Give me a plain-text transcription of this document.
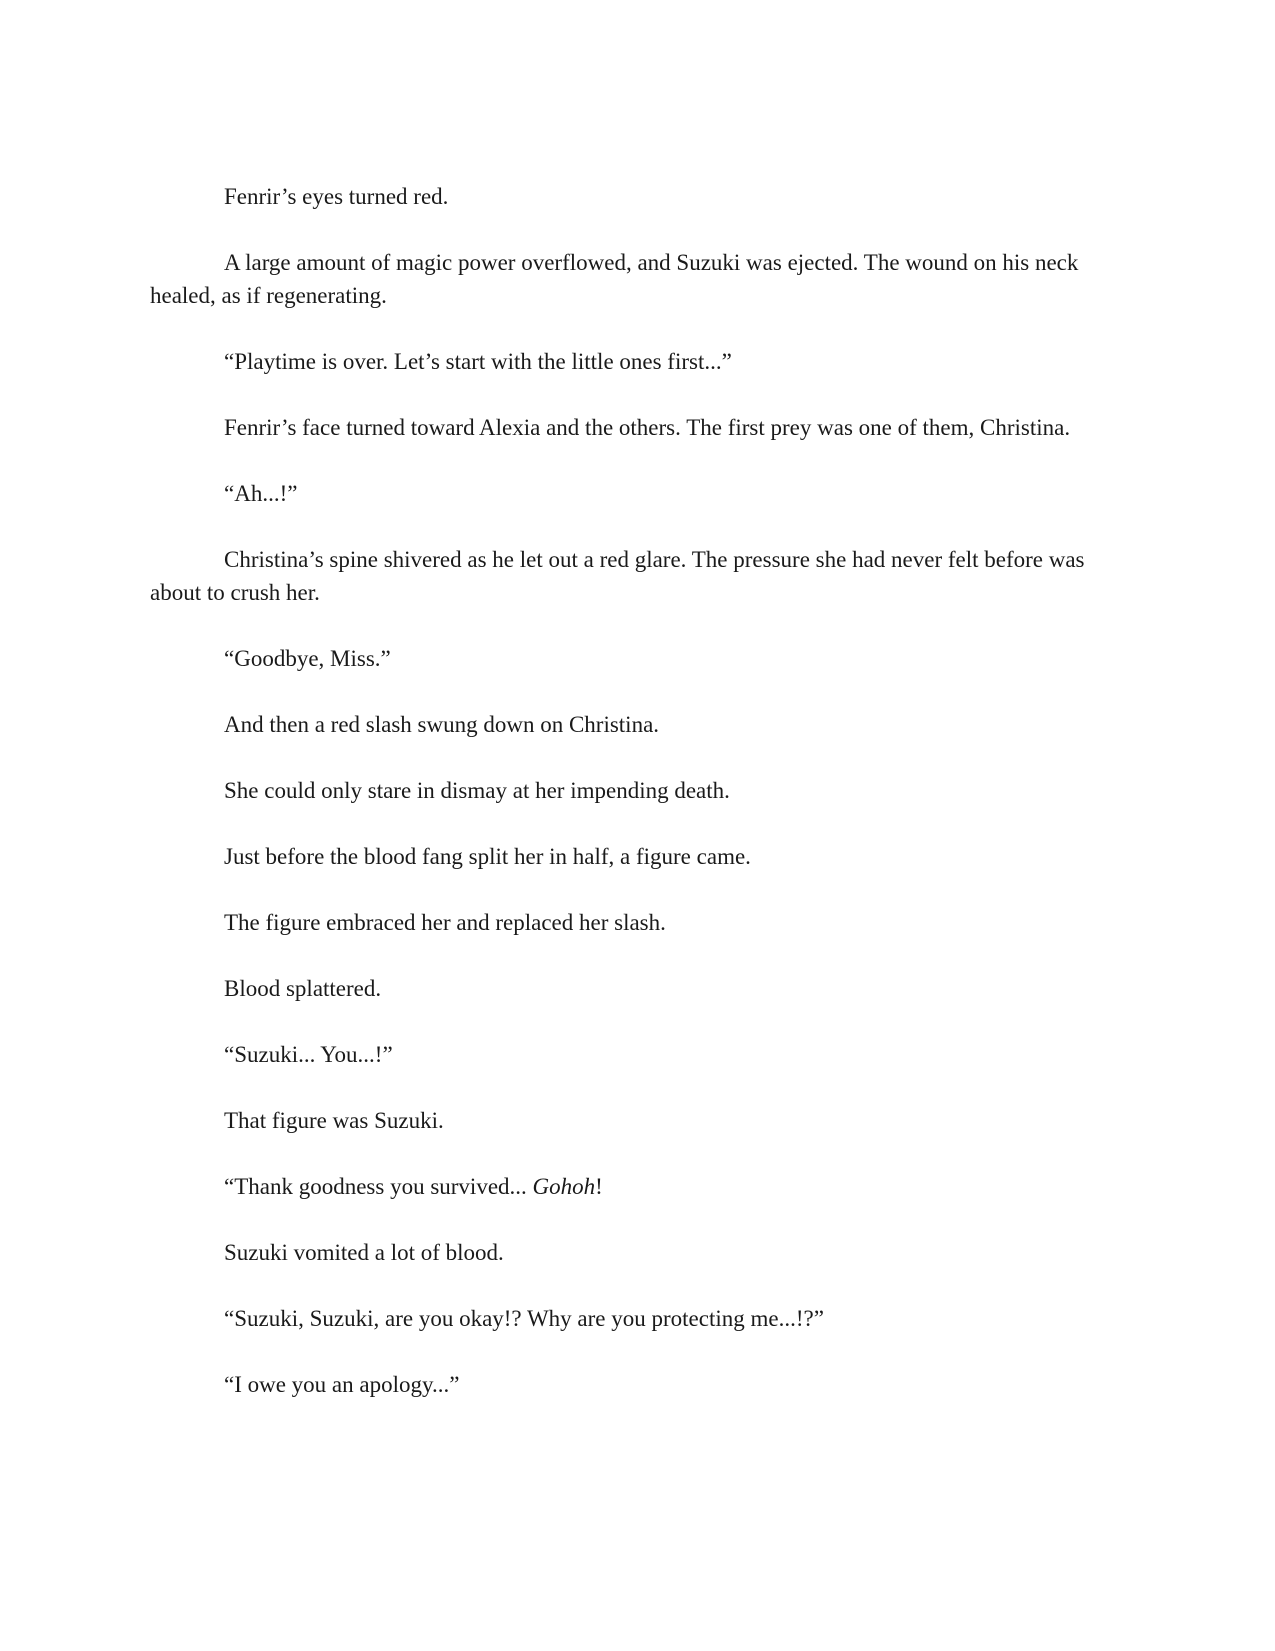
Fenrir’s eyes turned red.

A large amount of magic power overflowed, and Suzuki was ejected. The wound on his neck healed, as if regenerating.

“Playtime is over. Let’s start with the little ones first...”

Fenrir’s face turned toward Alexia and the others. The first prey was one of them, Christina.

“Ah...!”

Christina’s spine shivered as he let out a red glare. The pressure she had never felt before was about to crush her.

“Goodbye, Miss.”

And then a red slash swung down on Christina.

She could only stare in dismay at her impending death.

Just before the blood fang split her in half, a figure came.

The figure embraced her and replaced her slash.

Blood splattered.

“Suzuki... You...!”

That figure was Suzuki.

“Thank goodness you survived... Gohoh!

Suzuki vomited a lot of blood.

“Suzuki, Suzuki, are you okay!? Why are you protecting me...!?”

“I owe you an apology...”
